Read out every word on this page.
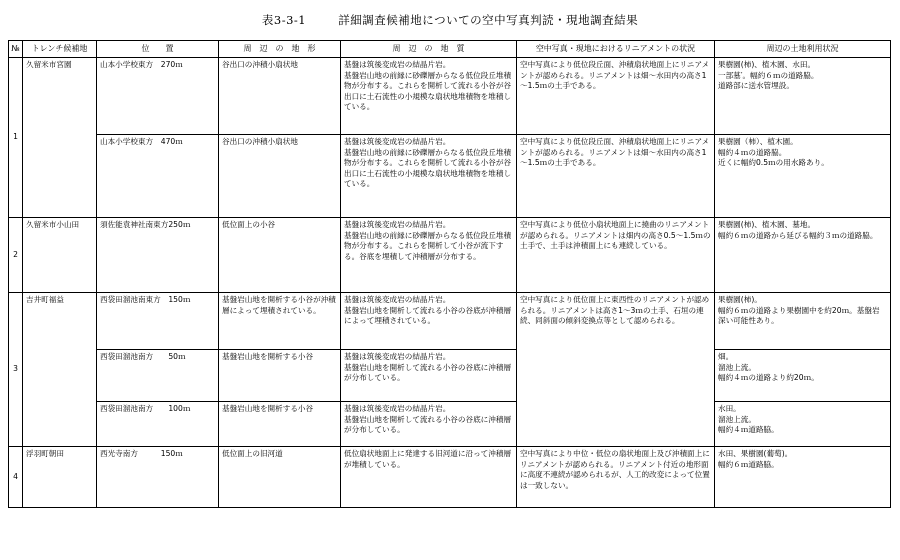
表3-3-1	詳細調査候補地についての空中写真判読・現地調査結果
№	トレンチ候補地	位　　置	周　辺　の　地　形	周　辺　の　地　質	空中写真・現地におけるリニアメントの状況	周辺の土地利用状況
1	久留米市宮園	山本小学校東方　270ｍ	谷出口の沖積小扇状地	基盤は筑後変成岩の結晶片岩。
基盤岩山地の前縁に砂礫層からなる低位段丘堆積物が分布する。これらを開析して流れる小谷が谷出口に土石流性の小規模な扇状地堆積物を堆積している。	空中写真により低位段丘面、沖積扇状地面上にリニアメントが認められる。リニアメントは畑～水田内の高さ1～1.5ｍの土手である。	果樹園(柿)、植木園、水田。
一部墓′。幅約６ｍの道路脇。
道路部に送水管埋設。
		山本小学校東方　470ｍ	谷出口の沖積小扇状地	基盤は筑後変成岩の結晶片岩。
基盤岩山地の前縁に砂礫層からなる低位段丘堆積物が分布する。これらを開析して流れる小谷が谷出口に土石流性の小規模な扇状地堆積物を堆積している。	空中写真により低位段丘面、沖積扇状地面上にリニアメントが認められる。リニアメントは畑～水田内の高さ1～1.5ｍの土手である。	果樹園（柿）、植木園。
幅約４ｍの道路脇。
近くに幅約0.5ｍの用水路あり。
2	久留米市小山田	須佐能袁神社南東方250ｍ	低位面上の小谷	基盤は筑後変成岩の結晶片岩。
基盤岩山地の前縁に砂礫層からなる低位段丘堆積物が分布する。これらを開析して小谷が流下する。谷底を埋積して沖積層が分布する。	空中写真により低位小扇状地面上に撓曲のリニアメントが認められる。リニアメントは畑内の高さ0.5～1.5ｍの土手で、土手は沖積面上にも連続している。	果樹園(柿)、植木園、墓地。
幅約６ｍの道路から延びる幅約３ｍの道路脇。
3	吉井町福益	西袋田溜池南東方　150ｍ	基盤岩山地を開析する小谷が沖積層によって埋積されている。	基盤は筑後変成岩の結晶片岩。
基盤岩山地を開析して流れる小谷の谷底が沖積層によって埋積されている。	空中写真により低位面上に東西性のリニアメントが認められる。リニアメントは高さ1～3ｍの土手、石垣の連続、同斜面の傾斜変換点等として認められる。	果樹園(柿)。
幅約６ｍの道路より果樹園中を約20ｍ。基盤岩深い可能性あり。
		西袋田溜池南方　　50ｍ	基盤岩山地を開析する小谷	基盤は筑後変成岩の結晶片岩。
基盤岩山地を開析して流れる小谷の谷底に沖積層が分布している。		畑。
溜池上流。
幅約４ｍの道路より約20ｍ。
		西袋田溜池南方　　100ｍ	基盤岩山地を開析する小谷	基盤は筑後変成岩の結晶片岩。
基盤岩山地を開析して流れる小谷の谷底に沖積層が分布している。		水田。
溜池上流。
幅約４ｍ道路脇。
4	浮羽町朝田	西光寺南方　　　150ｍ	低位面上の旧河道	低位扇状地面上に発達する旧河道に沿って沖積層が堆積している。	空中写真により中位・低位の扇状地面上及び沖積面上にリニアメントが認められる。リニアメント付近の地形面に高度不連続が認められるが、人工的改変によって位置は一致しない。	水田、果樹園(葡萄)。
幅約６ｍ道路脇。
